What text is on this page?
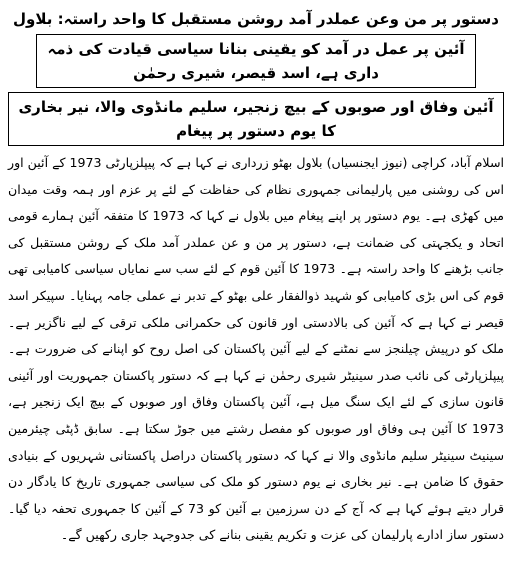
دستور پر من وعن عملدر آمد روشن مستقبل کا واحد راستہ: بلاول
آئین پر عمل در آمد کو یقینی بنانا سیاسی قیادت کی ذمہ داری ہے، اسد قیصر، شیری رحمٰن
آئین وفاق اور صوبوں کے بیچ زنجیر، سلیم مانڈوی والا، نیر بخاری کا یوم دستور پر پیغام

اسلام آباد، کراچی (نیوز ایجنسیاں) بلاول بھٹو زرداری نے کہا ہے کہ پیپلزپارٹی 1973 کے آئین اور اس کی روشنی میں پارلیمانی جمہوری نظام کی حفاظت کے لئے پر عزم اور ہمہ وقت میدان میں کھڑی ہے۔ یوم دستور پر اپنے پیغام میں بلاول نے کہا کہ 1973 کا متفقہ آئین ہمارے قومی اتحاد و یکجہتی کی ضمانت ہے، دستور پر من و عن عملدر آمد ملک کے روشن مستقبل کی جانب بڑھنے کا واحد راستہ ہے۔ 1973 کا آئین قوم کے لئے سب سے نمایاں سیاسی کامیابی تھی قوم کی اس بڑی کامیابی کو شہید ذوالفقار علی بھٹو کے تدبر نے عملی جامہ پہنایا۔ سپیکر اسد قیصر نے کہا ہے کہ آئین کی بالادستی اور قانون کی حکمرانی ملکی ترقی کے لیے ناگزیر ہے۔ ملک کو درپیش چیلنجز سے نمٹنے کے لیے آئین پاکستان کی اصل روح کو اپنانے کی ضرورت ہے۔ پیپلزپارٹی کی نائب صدر سینیٹر شیری رحمٰن نے کہا ہے کہ دستور پاکستان جمہوریت اور آئینی قانون سازی کے لئے ایک سنگ میل ہے، آئین پاکستان وفاق اور صوبوں کے بیچ ایک زنجیر ہے، 1973 کا آئین ہی وفاق اور صوبوں کو مفصل رشتے میں جوڑ سکتا ہے۔ سابق ڈپٹی چیئرمین سینیٹ سینیٹر سلیم مانڈوی والا نے کہا کہ دستور پاکستان دراصل پاکستانی شہریوں کے بنیادی حقوق کا ضامن ہے۔ نیر بخاری نے یوم دستور کو ملک کی سیاسی جمہوری تاریخ کا یادگار دن قرار دیتے ہوئے کہا ہے کہ آج کے دن سرزمین بے آئین کو 73 کے آئین کا جمہوری تحفہ دیا گیا۔ دستور ساز ادارے پارلیمان کی عزت و تکریم یقینی بنانے کی جدوجہد جاری رکھیں گے۔
